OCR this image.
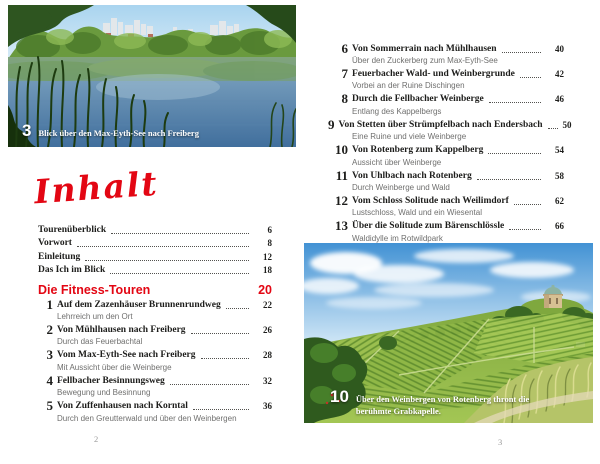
3 Blick über den Max-Eyth-See nach Freiberg
Inhalt
Tourenüberblick	6
Vorwort	8
Einleitung	12
Das Ich im Blick	18
Die Fitness-Touren	20
1 Auf dem Zazenhäuser Brunnenrundweg	22
Lehrreich um den Ort
2 Von Mühlhausen nach Freiberg	26
Durch das Feuerbachtal
3 Vom Max-Eyth-See nach Freiberg	28
Mit Aussicht über die Weinberge
4 Fellbacher Besinnungsweg	32
Bewegung und Besinnung
5 Von Zuffenhausen nach Korntal	36
Durch den Greutterwald und über den Weinbergen
2
6 Von Sommerrain nach Mühlhausen	40
Über den Zuckerberg zum Max-Eyth-See
7 Feuerbacher Wald- und Weinbergrunde	42
Vorbei an der Ruine Dischingen
8 Durch die Fellbacher Weinberge	46
Entlang des Kappelbergs
9 Von Stetten über Strümpfelbach nach Endersbach 50
Eine Ruine und viele Weinberge
10 Von Rotenberg zum Kappelberg	54
Aussicht über Weinberge
11 Von Uhlbach nach Rotenberg	58
Durch Weinberge und Wald
12 Vom Schloss Solitude nach Weilimdorf	62
Lustschloss, Wald und ein Wiesental
13 Über die Solitude zum Bärenschlössle	66
Waldidylle im Rotwildpark
10 Über den Weinbergen von Rotenberg thront die berühmte Grabkapelle.
3
